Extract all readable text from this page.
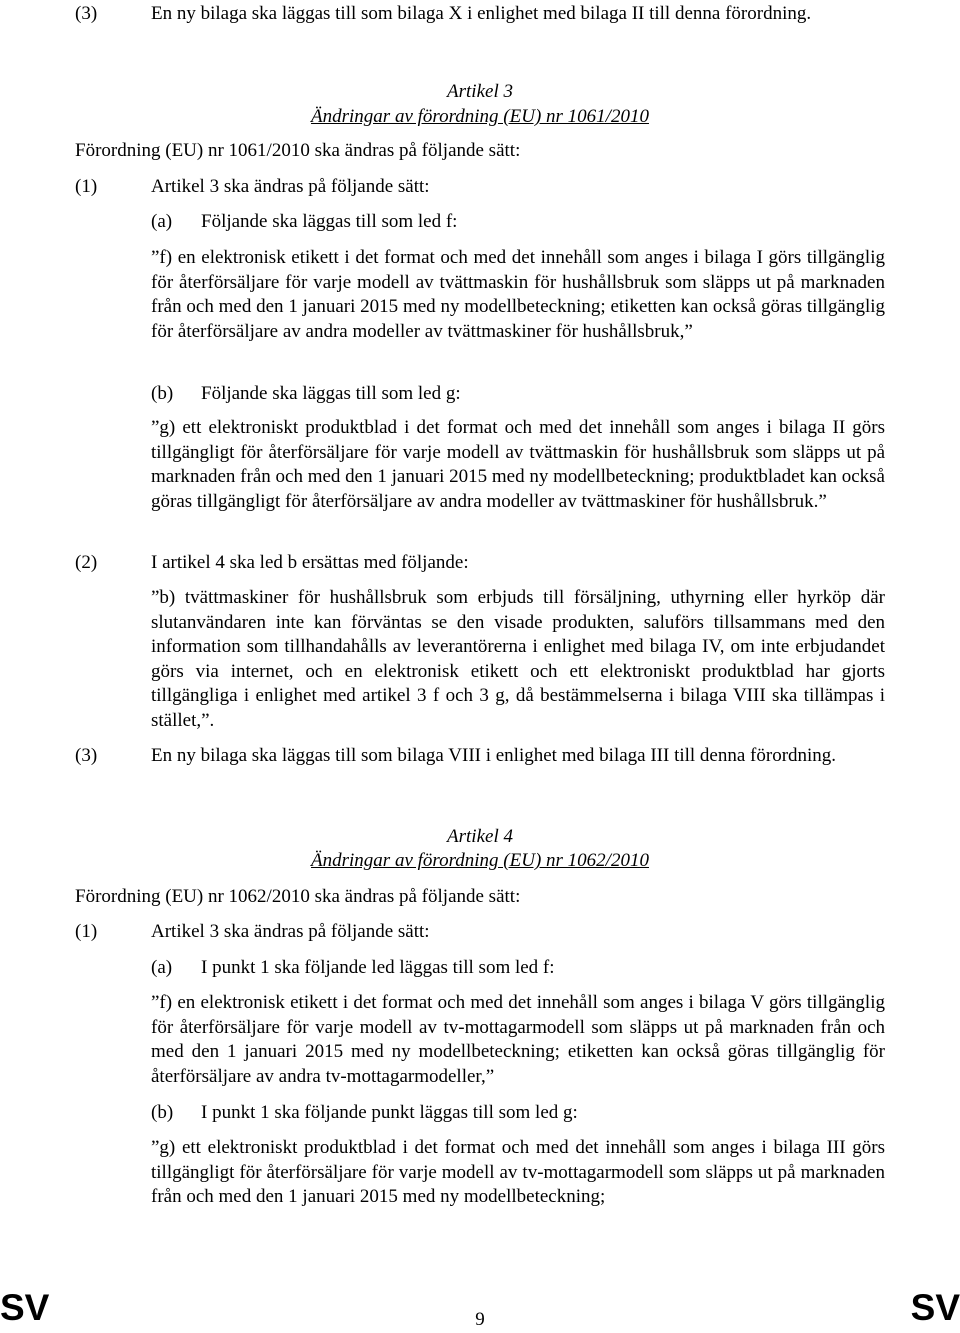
(3)	En ny bilaga ska läggas till som bilaga X i enlighet med bilaga II till denna förordning.

Artikel 3

Ändringar av förordning (EU) nr 1061/2010

Förordning (EU) nr 1061/2010 ska ändras på följande sätt:

(1)	Artikel 3 ska ändras på följande sätt:

(a) Följande ska läggas till som led f:

”f) en elektronisk etikett i det format och med det innehåll som anges i bilaga I görs tillgänglig för återförsäljare för varje modell av tvättmaskin för hushållsbruk som släpps ut på marknaden från och med den 1 januari 2015 med ny modellbeteckning; etiketten kan också göras tillgänglig för återförsäljare av andra modeller av tvättmaskiner för hushållsbruk,”

(b) Följande ska läggas till som led g:

”g) ett elektroniskt produktblad i det format och med det innehåll som anges i bilaga II görs tillgängligt för återförsäljare för varje modell av tvättmaskin för hushållsbruk som släpps ut på marknaden från och med den 1 januari 2015 med ny modellbeteckning; produktbladet kan också göras tillgängligt för återförsäljare av andra modeller av tvättmaskiner för hushållsbruk.”

(2)	I artikel 4 ska led b ersättas med följande:

”b) tvättmaskiner för hushållsbruk som erbjuds till försäljning, uthyrning eller hyrköp där slutanvändaren inte kan förväntas se den visade produkten, saluförs tillsammans med den information som tillhandahålls av leverantörerna i enlighet med bilaga IV, om inte erbjudandet görs via internet, och en elektronisk etikett och ett elektroniskt produktblad har gjorts tillgängliga i enlighet med artikel 3 f och 3 g, då bestämmelserna i bilaga VIII ska tillämpas i stället,”.

(3)	En ny bilaga ska läggas till som bilaga VIII i enlighet med bilaga III till denna förordning.

Artikel 4

Ändringar av förordning (EU) nr 1062/2010

Förordning (EU) nr 1062/2010 ska ändras på följande sätt:

(1)	Artikel 3 ska ändras på följande sätt:

(a) I punkt 1 ska följande led läggas till som led f:

”f) en elektronisk etikett i det format och med det innehåll som anges i bilaga V görs tillgänglig för återförsäljare för varje modell av tv-mottagarmodell som släpps ut på marknaden från och med den 1 januari 2015 med ny modellbeteckning; etiketten kan också göras tillgänglig för återförsäljare av andra tv-mottagarmodeller,”

(b) I punkt 1 ska följande punkt läggas till som led g:

”g) ett elektroniskt produktblad i det format och med det innehåll som anges i bilaga III görs tillgängligt för återförsäljare för varje modell av tv-mottagarmodell som släpps ut på marknaden från och med den 1 januari 2015 med ny modellbeteckning;

SV	9	SV
